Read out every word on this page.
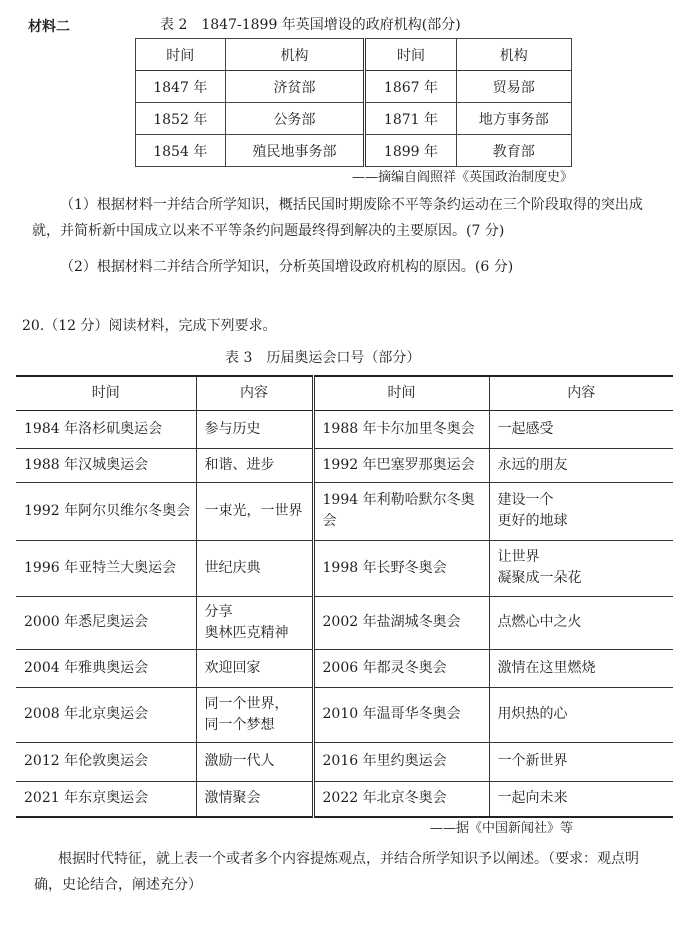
材料二	表 2　1847-1899 年英国增设的政府机构(部分)
时间	机构	时间	机构
1847 年	济贫部	1867 年	贸易部
1852 年	公务部	1871 年	地方事务部
1854 年	殖民地事务部	1899 年	教育部
——摘编自阎照祥《英国政治制度史》
（1）根据材料一并结合所学知识，概括民国时期废除不平等条约运动在三个阶段取得的突出成就，并简析新中国成立以来不平等条约问题最终得到解决的主要原因。(7 分)
（2）根据材料二并结合所学知识，分析英国增设政府机构的原因。(6 分)
20.（12 分）阅读材料，完成下列要求。
表 3　历届奥运会口号（部分）
时间	内容	时间	内容
1984 年洛杉矶奥运会	参与历史	1988 年卡尔加里冬奥会	一起感受
1988 年汉城奥运会	和谐、进步	1992 年巴塞罗那奥运会	永远的朋友
1992 年阿尔贝维尔冬奥会	一束光，一世界	1994 年利勒哈默尔冬奥会	建设一个
更好的地球
1996 年亚特兰大奥运会	世纪庆典	1998 年长野冬奥会	让世界
凝聚成一朵花
2000 年悉尼奥运会	分享
奥林匹克精神	2002 年盐湖城冬奥会	点燃心中之火
2004 年雅典奥运会	欢迎回家	2006 年都灵冬奥会	激情在这里燃烧
2008 年北京奥运会	同一个世界，
同一个梦想	2010 年温哥华冬奥会	用炽热的心
2012 年伦敦奥运会	激励一代人	2016 年里约奥运会	一个新世界
2021 年东京奥运会	激情聚会	2022 年北京冬奥会	一起向未来
——据《中国新闻社》等
根据时代特征，就上表一个或者多个内容提炼观点，并结合所学知识予以阐述。（要求：观点明确，史论结合，阐述充分）
